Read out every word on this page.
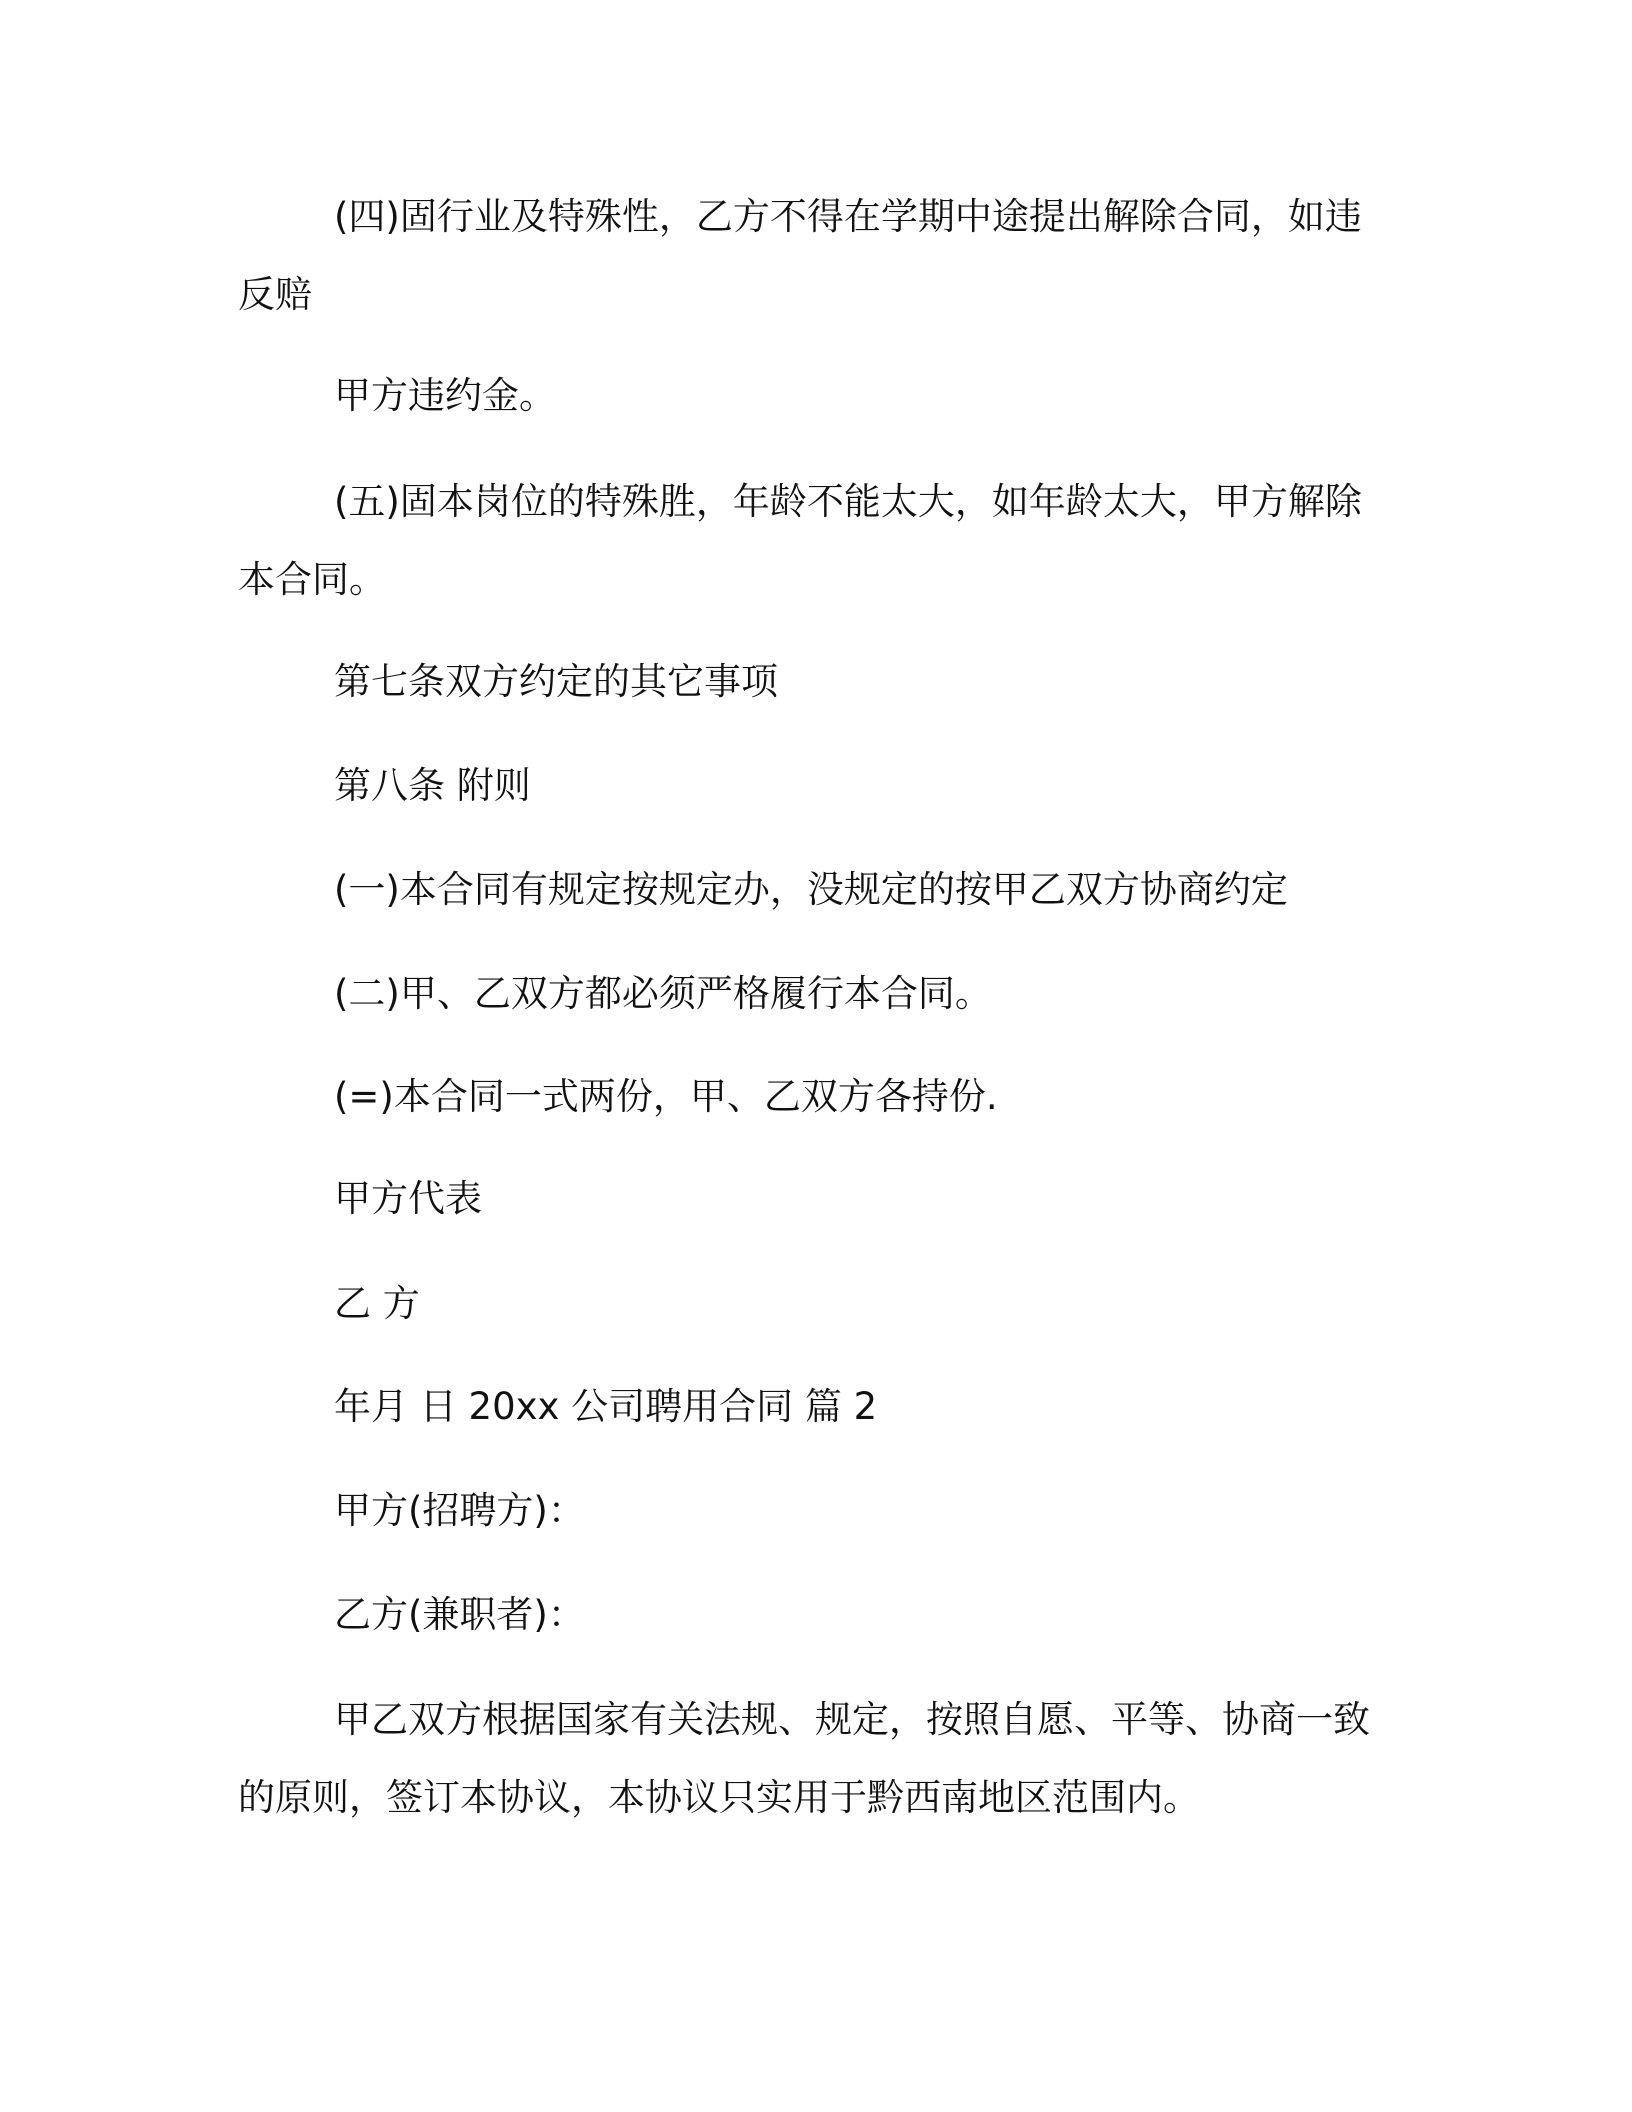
(四)固行业及特殊性，乙方不得在学期中途提出解除合同，如违

反赔

甲方违约金。

(五)固本岗位的特殊胜，年龄不能太大，如年龄太大，甲方解除

本合同。

第七条双方约定的其它事项

第八条 附则

(一)本合同有规定按规定办，没规定的按甲乙双方协商约定

(二)甲、乙双方都必须严格履行本合同。

(=)本合同一式两份，甲、乙双方各持份.

甲方代表

乙 方

年月 日 20xx 公司聘用合同 篇 2

甲方(招聘方)：

乙方(兼职者)：

甲乙双方根据国家有关法规、规定，按照自愿、平等、协商一致

的原则，签订本协议，本协议只实用于黔西南地区范围内。
